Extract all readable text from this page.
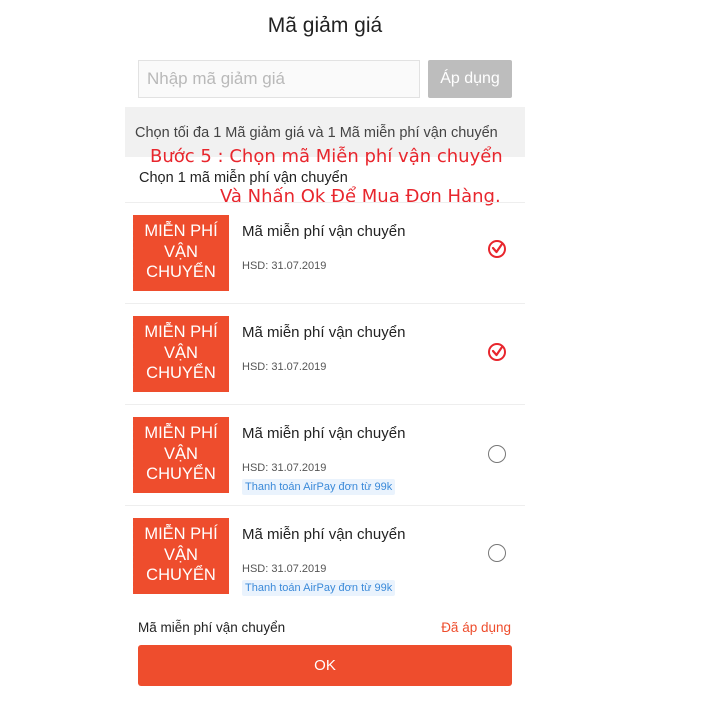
Mã giảm giá
Nhập mã giảm giá
Áp dụng
Chọn tối đa 1 Mã giảm giá và 1 Mã miễn phí vận chuyển
Chọn 1 mã miễn phí vận chuyển
Bước 5 : Chọn mã Miễn phí vận chuyển
Và Nhấn Ok Để Mua Đơn Hàng.
MIỄN PHÍ
VẬN
CHUYỂN
Mã miễn phí vận chuyển
HSD: 31.07.2019
MIỄN PHÍ
VẬN
CHUYỂN
Mã miễn phí vận chuyển
HSD: 31.07.2019
MIỄN PHÍ
VẬN
CHUYỂN
Mã miễn phí vận chuyển
HSD: 31.07.2019
Thanh toán AirPay đơn từ 99k
MIỄN PHÍ
VẬN
CHUYỂN
Mã miễn phí vận chuyển
HSD: 31.07.2019
Thanh toán AirPay đơn từ 99k
Mã miễn phí vận chuyển	Đã áp dụng
OK
